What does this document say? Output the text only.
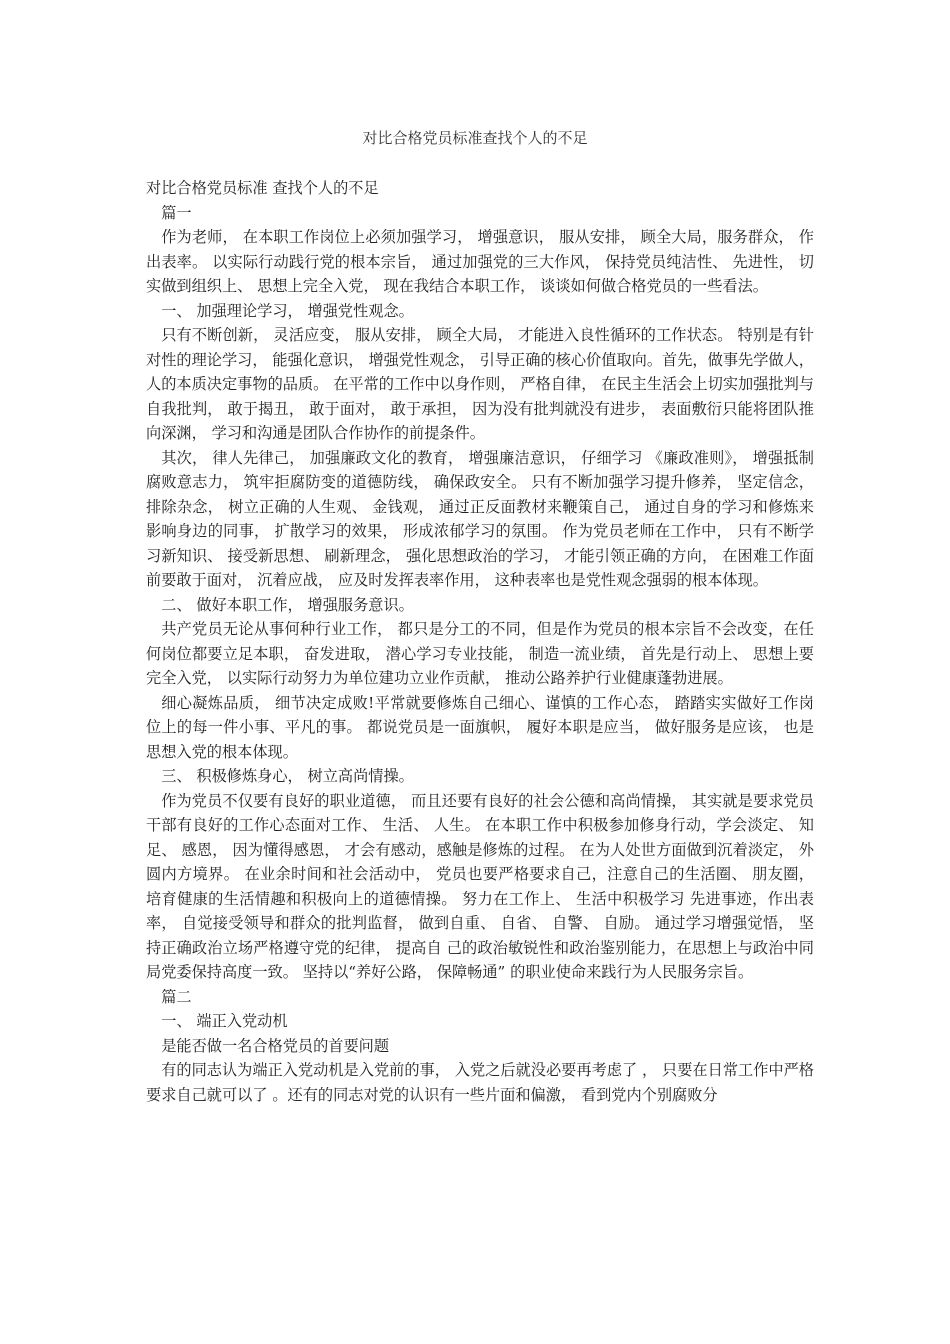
对比合格党员标准查找个人的不足

对比合格党员标准 查找个人的不足

篇一

作为老师， 在本职工作岗位上必须加强学习， 增强意识， 服从安排， 顾全大局，服务群众， 作出表率。 以实际行动践行党的根本宗旨， 通过加强党的三大作风， 保持党员纯洁性、 先进性， 切实做到组织上、 思想上完全入党， 现在我结合本职工作， 谈谈如何做合格党员的一些看法。

一、 加强理论学习， 增强党性观念。

只有不断创新， 灵活应变， 服从安排， 顾全大局， 才能进入良性循环的工作状态。 特别是有针对性的理论学习， 能强化意识， 增强党性观念， 引导正确的核心价值取向。首先，做事先学做人， 人的本质决定事物的品质。 在平常的工作中以身作则， 严格自律， 在民主生活会上切实加强批判与自我批判， 敢于揭丑， 敢于面对， 敢于承担， 因为没有批判就没有进步， 表面敷衍只能将团队推向深渊， 学习和沟通是团队合作协作的前提条件。

其次， 律人先律己， 加强廉政文化的教育， 增强廉洁意识， 仔细学习 《廉政准则》， 增强抵制腐败意志力， 筑牢拒腐防变的道德防线， 确保政安全。 只有不断加强学习提升修养， 坚定信念， 排除杂念， 树立正确的人生观、 金钱观， 通过正反面教材来鞭策自己， 通过自身的学习和修炼来影响身边的同事， 扩散学习的效果， 形成浓郁学习的氛围。 作为党员老师在工作中， 只有不断学习新知识、 接受新思想、 刷新理念， 强化思想政治的学习， 才能引领正确的方向， 在困难工作面前要敢于面对， 沉着应战， 应及时发挥表率作用， 这种表率也是党性观念强弱的根本体现。

二、 做好本职工作， 增强服务意识。

共产党员无论从事何种行业工作， 都只是分工的不同，但是作为党员的根本宗旨不会改变，在任何岗位都要立足本职， 奋发进取， 潜心学习专业技能， 制造一流业绩， 首先是行动上、 思想上要完全入党， 以实际行动努力为单位建功立业作贡献， 推动公路养护行业健康蓬勃进展。

细心凝炼品质， 细节决定成败!平常就要修炼自己细心、谨慎的工作心态， 踏踏实实做好工作岗位上的每一件小事、平凡的事。 都说党员是一面旗帜， 履好本职是应当， 做好服务是应该， 也是思想入党的根本体现。

三、 积极修炼身心， 树立高尚情操。

作为党员不仅要有良好的职业道德， 而且还要有良好的社会公德和高尚情操， 其实就是要求党员干部有良好的工作心态面对工作、 生活、 人生。 在本职工作中积极参加修身行动，学会淡定、 知足、 感恩， 因为懂得感恩， 才会有感动，感触是修炼的过程。 在为人处世方面做到沉着淡定， 外圆内方境界。 在业余时间和社会活动中， 党员也要严格要求自己，注意自己的生活圈、 朋友圈， 培育健康的生活情趣和积极向上的道德情操。 努力在工作上、 生活中积极学习 先进事迹，作出表率， 自觉接受领导和群众的批判监督， 做到自重、 自省、 自警、 自励。 通过学习增强觉悟， 坚持正确政治立场严格遵守党的纪律， 提高自 己的政治敏锐性和政治鉴别能力，在思想上与政治中同局党委保持高度一致。 坚持以“养好公路， 保障畅通” 的职业使命来践行为人民服务宗旨。

篇二

一、 端正入党动机

是能否做一名合格党员的首要问题

有的同志认为端正入党动机是入党前的事， 入党之后就没必要再考虑了 ， 只要在日常工作中严格要求自己就可以了 。还有的同志对党的认识有一些片面和偏激， 看到党内个别腐败分
